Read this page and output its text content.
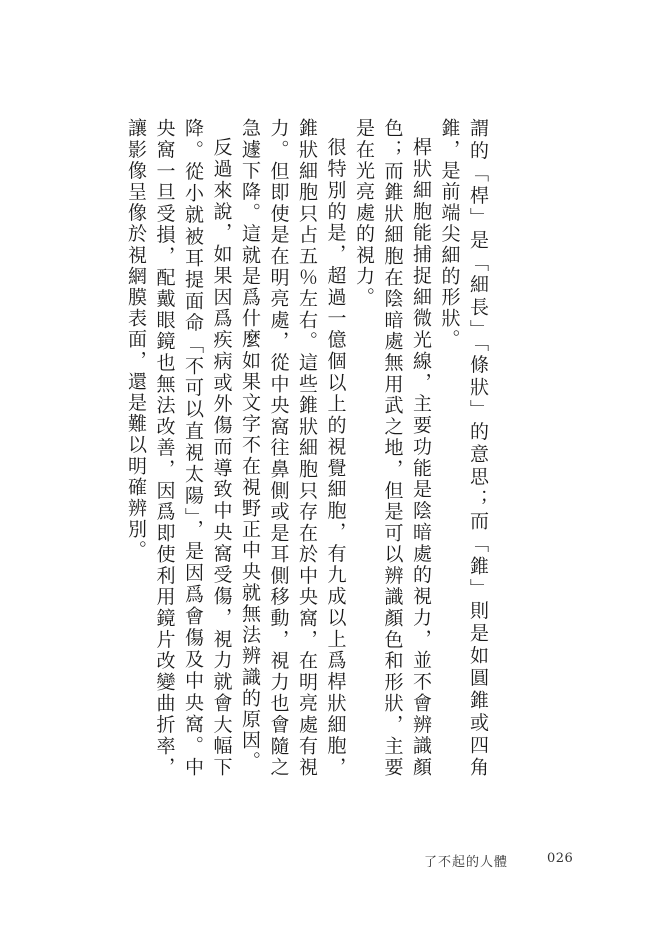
謂的「桿」是「細長」「條狀」的意思；而「錐」則是如圓錐或四角錐，是前端尖細的形狀。

桿狀細胞能捕捉細微光線，主要功能是陰暗處的視力，並不會辨識顏色；而錐狀細胞在陰暗處無用武之地，但是可以辨識顏色和形狀，主要是在光亮處的視力。

很特別的是，超過一億個以上的視覺細胞，有九成以上爲桿狀細胞，錐狀細胞只占五％左右。這些錐狀細胞只存在於中央窩，在明亮處有視力。但即使是在明亮處，從中央窩往鼻側或是耳側移動，視力也會隨之急遽下降。這就是爲什麼如果文字不在視野正中央就無法辨識的原因。

反過來說，如果因爲疾病或外傷而導致中央窩受傷，視力就會大幅下降。從小就被耳提面命「不可以直視太陽」，是因爲會傷及中央窩。中央窩一旦受損，配戴眼鏡也無法改善，因爲即使利用鏡片改變曲折率，讓影像呈像於視網膜表面，還是難以明確辨別。

了不起的人體	026
